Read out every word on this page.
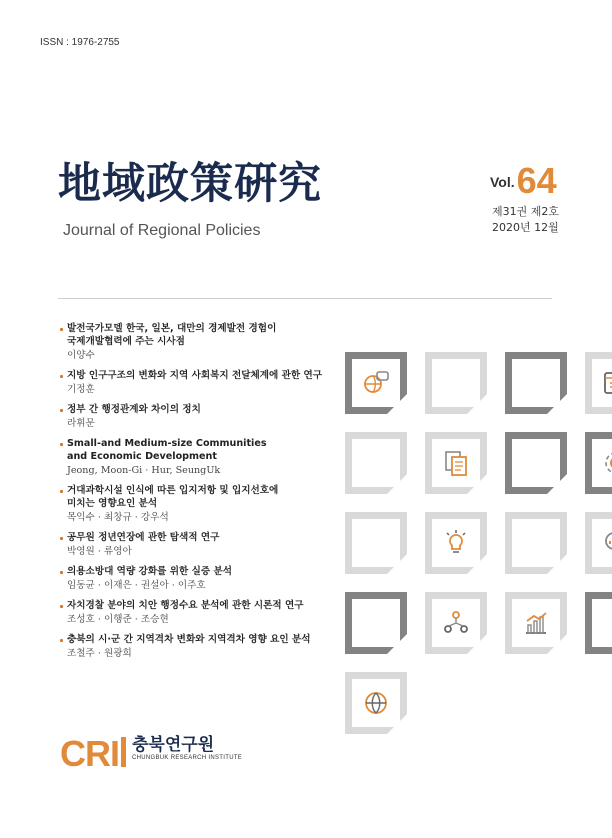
ISSN : 1976-2755
地域政策硏究
Journal of Regional Policies
Vol.64
제31권 제2호
2020년 12월
발전국가모델 한국, 일본, 대만의 경제발전 경험이
국제개발협력에 주는 시사점
이양수
지방 인구구조의 변화와 지역 사회복지 전달체계에 관한 연구
기정훈
정부 간 행정관계와 차이의 정치
라휘문
Small-and Medium-size Communities
and Economic Development
Jeong, Moon-Gi · Hur, SeungUk
거대과학시설 인식에 따른 입지저항 및 입지선호에
미치는 영향요인 분석
목익수 · 최창규 · 강우석
공무원 정년연장에 관한 탐색적 연구
박영원 · 류영아
의용소방대 역량 강화를 위한 실증 분석
임동균 · 이재은 · 권설아 · 이주호
자치경찰 분야의 치안 행정수요 분석에 관한 시론적 연구
조성호 · 이행준 · 조승현
충북의 시·군 간 지역격차 변화와 지역격차 영향 요인 분석
조철주 · 원광희
CRI 충북연구원
CHUNGBUK RESEARCH INSTITUTE
